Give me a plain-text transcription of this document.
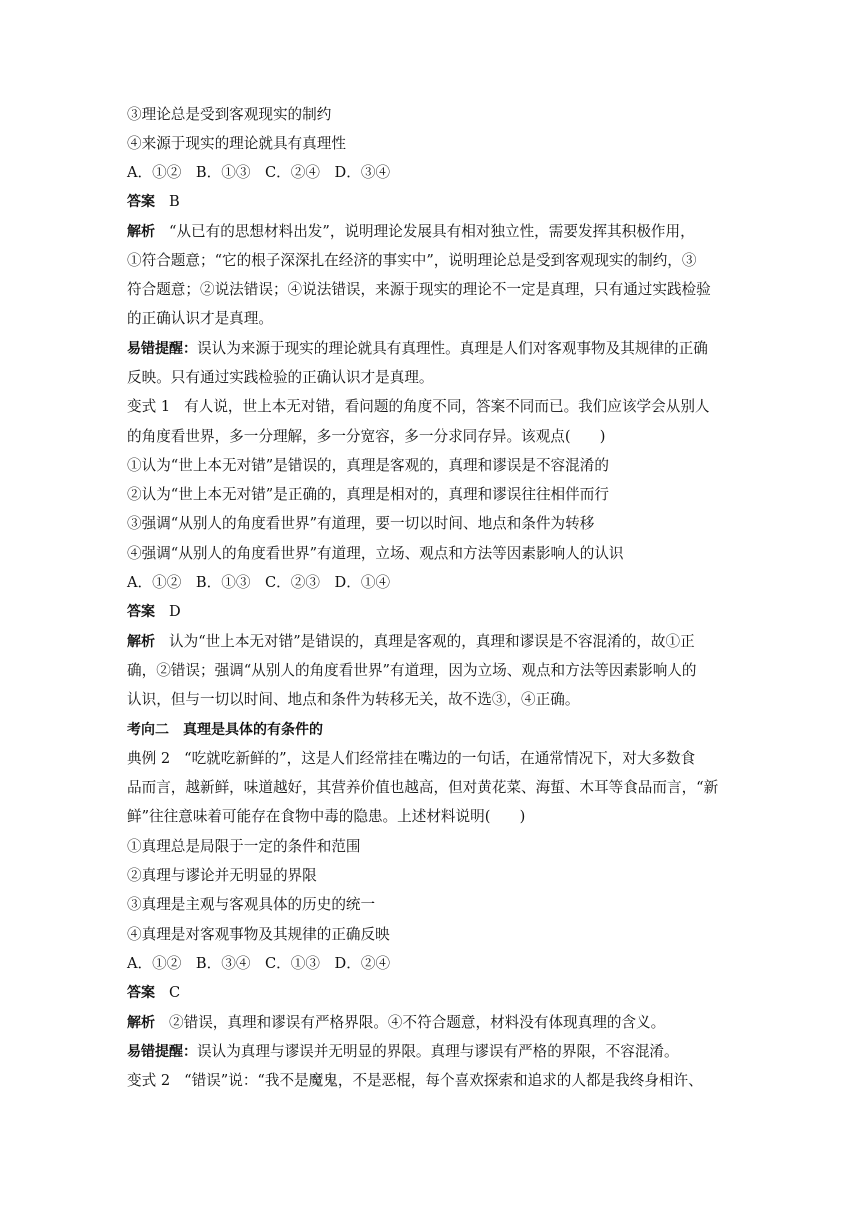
③理论总是受到客观现实的制约
④来源于现实的理论就具有真理性
A．①②　B．①③　C．②④　D．③④
答案 B
解析 “从已有的思想材料出发”，说明理论发展具有相对独立性，需要发挥其积极作用，
①符合题意；“它的根子深深扎在经济的事实中”，说明理论总是受到客观现实的制约，③
符合题意；②说法错误；④说法错误，来源于现实的理论不一定是真理，只有通过实践检验
的正确认识才是真理。
易错提醒：误认为来源于现实的理论就具有真理性。真理是人们对客观事物及其规律的正确
反映。只有通过实践检验的正确认识才是真理。
变式 1 有人说，世上本无对错，看问题的角度不同，答案不同而已。我们应该学会从别人
的角度看世界，多一分理解，多一分宽容，多一分求同存异。该观点(　　)
①认为“世上本无对错”是错误的，真理是客观的，真理和谬误是不容混淆的
②认为“世上本无对错”是正确的，真理是相对的，真理和谬误往往相伴而行
③强调“从别人的角度看世界”有道理，要一切以时间、地点和条件为转移
④强调“从别人的角度看世界”有道理，立场、观点和方法等因素影响人的认识
A．①②　B．①③　C．②③　D．①④
答案 D
解析 认为“世上本无对错”是错误的，真理是客观的，真理和谬误是不容混淆的，故①正
确，②错误；强调“从别人的角度看世界”有道理，因为立场、观点和方法等因素影响人的
认识，但与一切以时间、地点和条件为转移无关，故不选③，④正确。
考向二 真理是具体的有条件的
典例 2 “吃就吃新鲜的”，这是人们经常挂在嘴边的一句话，在通常情况下，对大多数食
品而言，越新鲜，味道越好，其营养价值也越高，但对黄花菜、海蜇、木耳等食品而言，“新
鲜”往往意味着可能存在食物中毒的隐患。上述材料说明(　　)
①真理总是局限于一定的条件和范围
②真理与谬论并无明显的界限
③真理是主观与客观具体的历史的统一
④真理是对客观事物及其规律的正确反映
A．①②　B．③④　C．①③　D．②④
答案 C
解析 ②错误，真理和谬误有严格界限。④不符合题意，材料没有体现真理的含义。
易错提醒：误认为真理与谬误并无明显的界限。真理与谬误有严格的界限，不容混淆。
变式 2 “错误”说：“我不是魔鬼，不是恶棍，每个喜欢探索和追求的人都是我终身相许、
